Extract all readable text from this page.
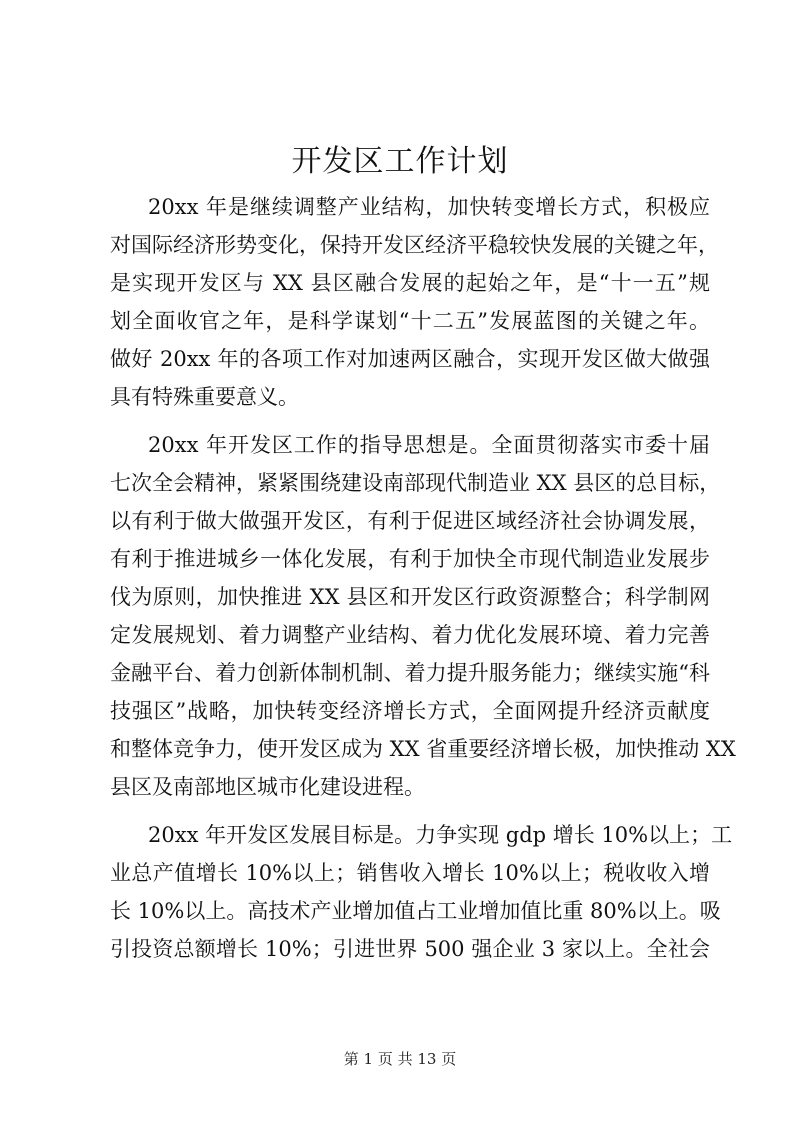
开发区工作计划

20xx 年是继续调整产业结构，加快转变增长方式，积极应

对国际经济形势变化，保持开发区经济平稳较快发展的关键之年，

是实现开发区与 XX 县区融合发展的起始之年，是“十一五”规

划全面收官之年，是科学谋划“十二五”发展蓝图的关键之年。

做好 20xx 年的各项工作对加速两区融合，实现开发区做大做强

具有特殊重要意义。

20xx 年开发区工作的指导思想是。全面贯彻落实市委十届

七次全会精神，紧紧围绕建设南部现代制造业 XX 县区的总目标，

以有利于做大做强开发区，有利于促进区域经济社会协调发展，

有利于推进城乡一体化发展，有利于加快全市现代制造业发展步

伐为原则，加快推进 XX 县区和开发区行政资源整合；科学制网

定发展规划、着力调整产业结构、着力优化发展环境、着力完善

金融平台、着力创新体制机制、着力提升服务能力；继续实施“科

技强区”战略，加快转变经济增长方式，全面网提升经济贡献度

和整体竞争力，使开发区成为 XX 省重要经济增长极，加快推动 XX

县区及南部地区城市化建设进程。

20xx 年开发区发展目标是。力争实现 gdp 增长 10%以上；工

业总产值增长 10%以上；销售收入增长 10%以上；税收收入增

长 10%以上。高技术产业增加值占工业增加值比重 80%以上。吸

引投资总额增长 10%；引进世界 500 强企业 3 家以上。全社会

第 1 页 共 13 页
